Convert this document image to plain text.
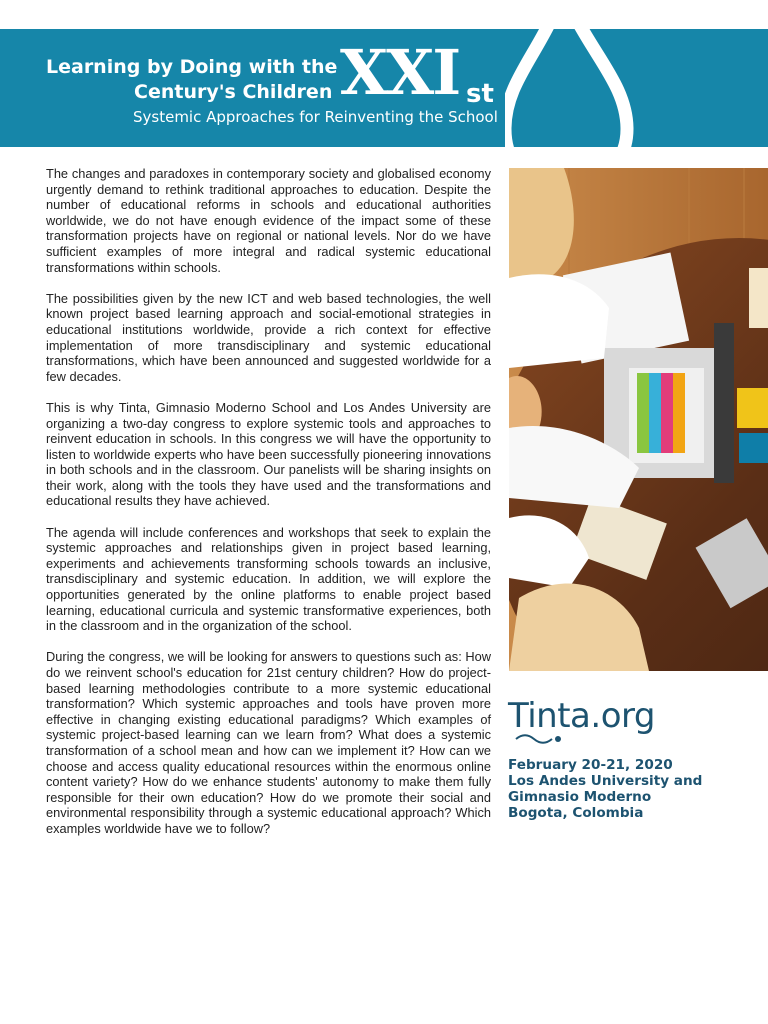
Learning by Doing with the
Century's Children XXI st
Systemic Approaches for Reinventing the School

The changes and paradoxes in contemporary society and globalised economy urgently demand to rethink traditional approaches to education. Despite the number of educational reforms in schools and educational authorities worldwide, we do not have enough evidence of the impact some of these transformation projects have on regional or national levels. Nor do we have sufficient examples of more integral and radical systemic educational transformations within schools.

The possibilities given by the new ICT and web based technologies, the well known project based learning approach and social-emotional strategies in educational institutions worldwide, provide a rich context for effective implementation of more transdisciplinary and systemic educational transformations, which have been announced and suggested worldwide for a few decades.

This is why Tinta, Gimnasio Moderno School and Los Andes University are organizing a two-day congress to explore systemic tools and approaches to reinvent education in schools. In this congress we will have the opportunity to listen to worldwide experts who have been successfully pioneering innovations in both schools and in the classroom. Our panelists will be sharing insights on their work, along with the tools they have used and the transformations and educational results they have achieved.

The agenda will include conferences and workshops that seek to explain the systemic approaches and relationships given in project based learning, experiments and achievements transforming schools towards an inclusive, transdisciplinary and systemic education. In addition, we will explore the opportunities generated by the online platforms to enable project based learning, educational curricula and systemic transformative experiences, both in the classroom and in the organization of the school.

During the congress, we will be looking for answers to questions such as: How do we reinvent school's education for 21st century children? How do project-based learning methodologies contribute to a more systemic educational transformation? Which systemic approaches and tools have proven more effective in changing existing educational paradigms? Which examples of systemic project-based learning can we learn from? What does a systemic transformation of a school mean and how can we implement it? How can we choose and access quality educational resources within the enormous online content variety? How do we enhance students' autonomy to make them fully responsible for their own education? How do we promote their social and environmental responsibility through a systemic educational approach? Which examples worldwide have we to follow?

Tinta.org
February 20-21, 2020
Los Andes University and
Gimnasio Moderno
Bogota, Colombia
